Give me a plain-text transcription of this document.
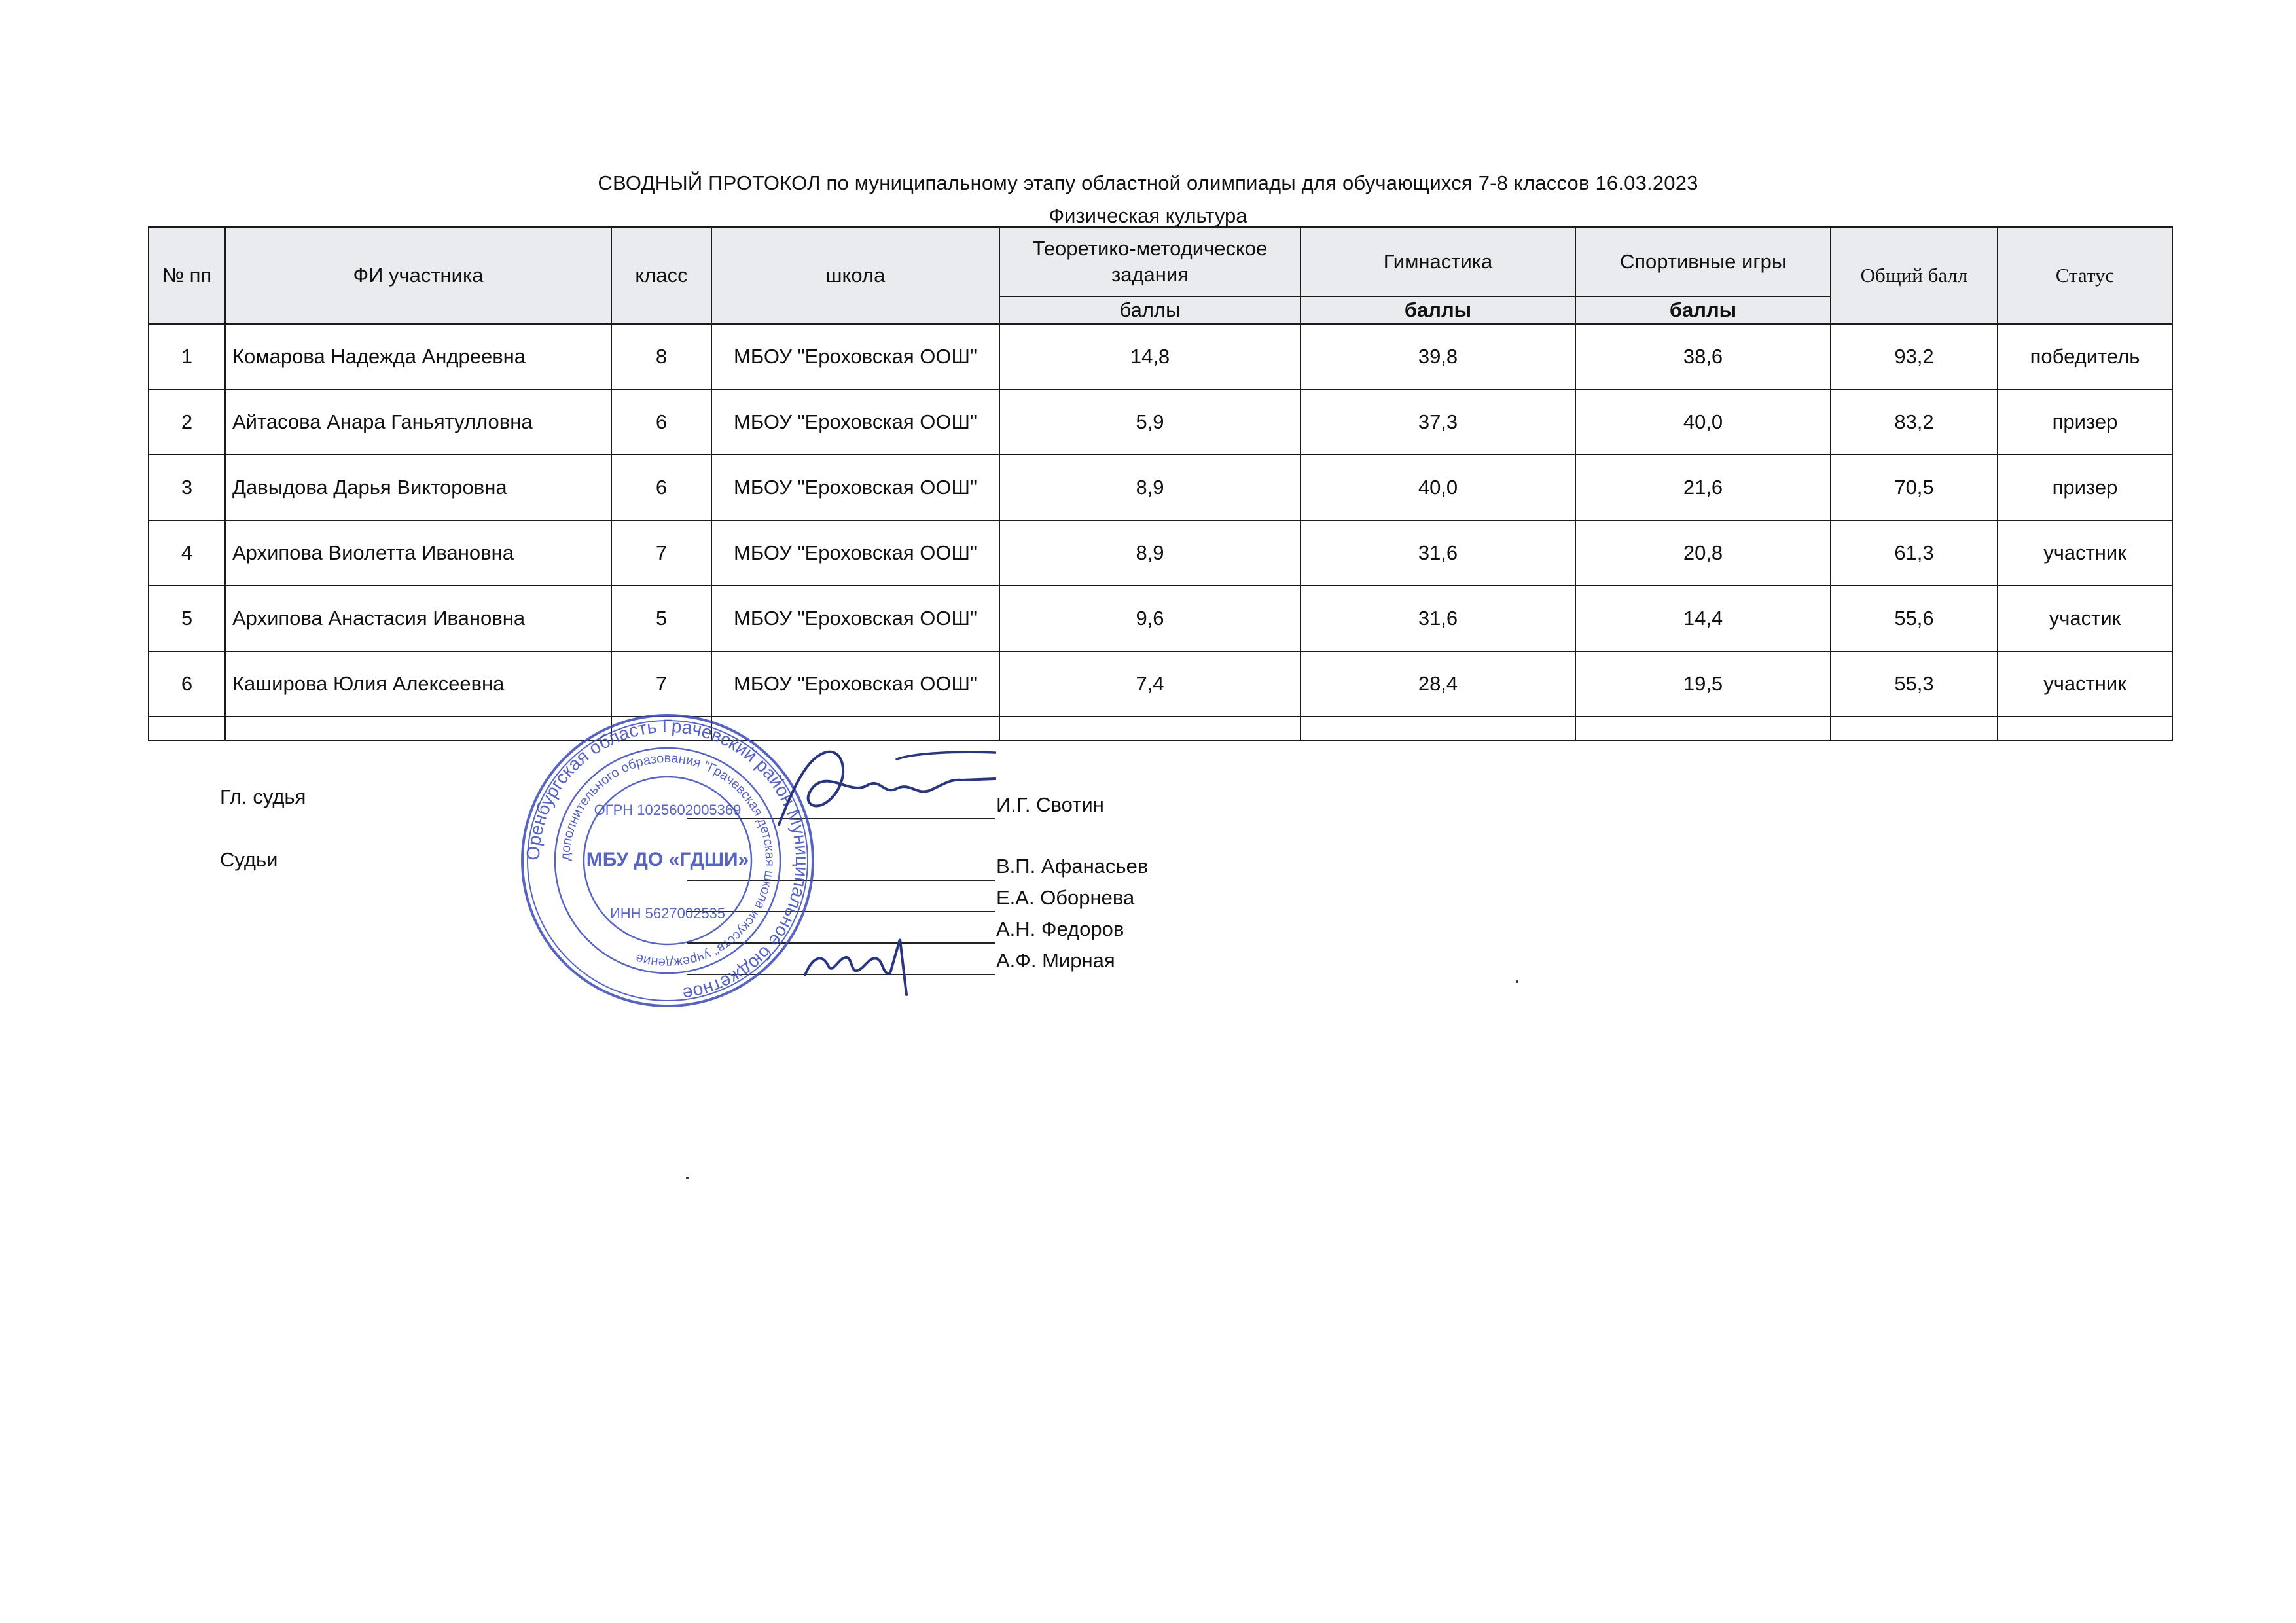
СВОДНЫЙ ПРОТОКОЛ по муниципальному этапу областной олимпиады для обучающихся 7-8 классов 16.03.2023
Физическая культура
№ пп	ФИ участника	класс	школа	Теоретико-методическое задания	Гимнастика	Спортивные игры	Общий балл	Статус
				баллы	баллы	баллы		
1	Комарова Надежда Андреевна	8	МБОУ "Ероховская ООШ"	14,8	39,8	38,6	93,2	победитель
2	Айтасова Анара Ганьятулловна	6	МБОУ "Ероховская ООШ"	5,9	37,3	40,0	83,2	призер
3	Давыдова Дарья Викторовна	6	МБОУ "Ероховская ООШ"	8,9	40,0	21,6	70,5	призер
4	Архипова Виолетта Ивановна	7	МБОУ "Ероховская ООШ"	8,9	31,6	20,8	61,3	участник
5	Архипова Анастасия Ивановна	5	МБОУ "Ероховская ООШ"	9,6	31,6	14,4	55,6	участик
6	Каширова Юлия Алексеевна	7	МБОУ "Ероховская ООШ"	7,4	28,4	19,5	55,3	участник

Гл. судья	И.Г. Свотин
Судьи	В.П. Афанасьев
Е.А. Оборнева
А.Н. Федоров
А.Ф. Мирная
Оренбургская область Грачевский район Муниципальное бюджетное
дополнительного образования "Грачевская детская школа искусств" учреждение
ОГРН 1025602005369
МБУ ДО «ГДШИ»
ИНН 5627002535
